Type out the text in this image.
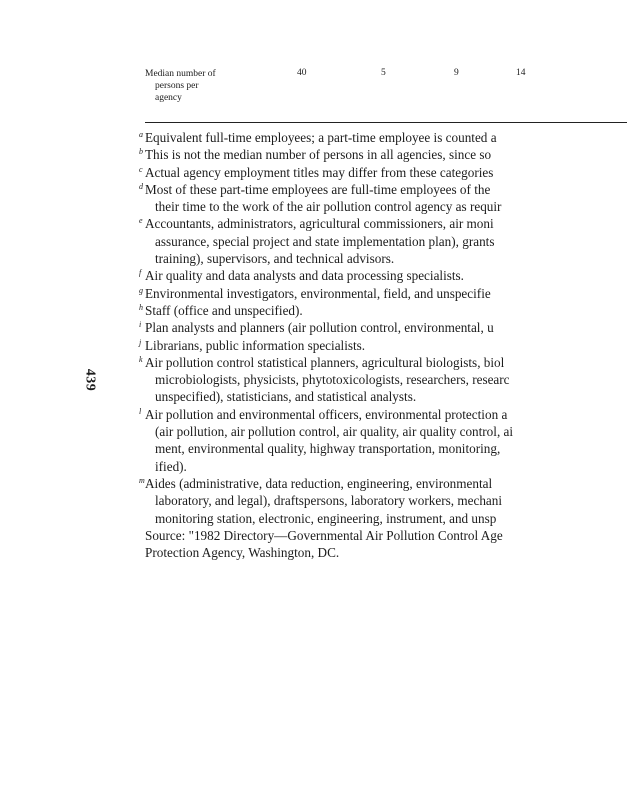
Median number of
persons per
agency
40	5	9	14
439
a Equivalent full-time employees; a part-time employee is counted a
b This is not the median number of persons in all agencies, since so
c Actual agency employment titles may differ from these categories
d Most of these part-time employees are full-time employees of the
their time to the work of the air pollution control agency as requir
e Accountants, administrators, agricultural commissioners, air moni
assurance, special project and state implementation plan), grants
training), supervisors, and technical advisors.
f Air quality and data analysts and data processing specialists.
g Environmental investigators, environmental, field, and unspecifie
h Staff (office and unspecified).
i Plan analysts and planners (air pollution control, environmental, u
j Librarians, public information specialists.
k Air pollution control statistical planners, agricultural biologists, biol
microbiologists, physicists, phytotoxicologists, researchers, researc
unspecified), statisticians, and statistical analysts.
l Air pollution and environmental officers, environmental protection a
(air pollution, air pollution control, air quality, air quality control, ai
ment, environmental quality, highway transportation, monitoring,
ified).
m Aides (administrative, data reduction, engineering, environmental
laboratory, and legal), draftspersons, laboratory workers, mechani
monitoring station, electronic, engineering, instrument, and unsp
Source: "1982 Directory—Governmental Air Pollution Control Age
Protection Agency, Washington, DC.
